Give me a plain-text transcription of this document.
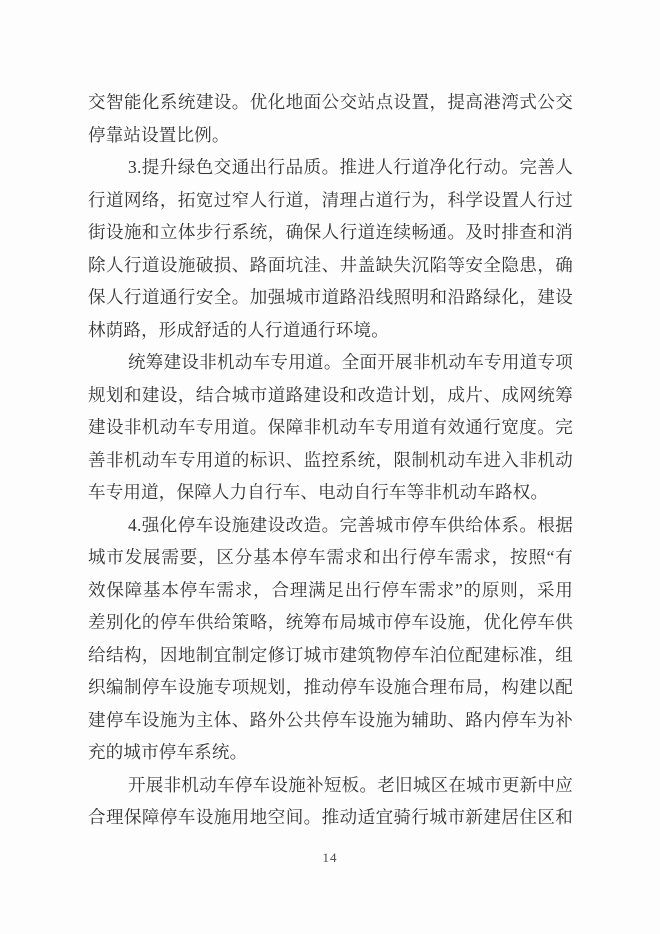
交智能化系统建设。优化地面公交站点设置，提高港湾式公交
停靠站设置比例。
3.提升绿色交通出行品质。推进人行道净化行动。完善人
行道网络，拓宽过窄人行道，清理占道行为，科学设置人行过
街设施和立体步行系统，确保人行道连续畅通。及时排查和消
除人行道设施破损、路面坑洼、井盖缺失沉陷等安全隐患，确
保人行道通行安全。加强城市道路沿线照明和沿路绿化，建设
林荫路，形成舒适的人行道通行环境。
统筹建设非机动车专用道。全面开展非机动车专用道专项
规划和建设，结合城市道路建设和改造计划，成片、成网统筹
建设非机动车专用道。保障非机动车专用道有效通行宽度。完
善非机动车专用道的标识、监控系统，限制机动车进入非机动
车专用道，保障人力自行车、电动自行车等非机动车路权。
4.强化停车设施建设改造。完善城市停车供给体系。根据
城市发展需要，区分基本停车需求和出行停车需求，按照“有
效保障基本停车需求，合理满足出行停车需求”的原则，采用
差别化的停车供给策略，统筹布局城市停车设施，优化停车供
给结构，因地制宜制定修订城市建筑物停车泊位配建标准，组
织编制停车设施专项规划，推动停车设施合理布局，构建以配
建停车设施为主体、路外公共停车设施为辅助、路内停车为补
充的城市停车系统。
开展非机动车停车设施补短板。老旧城区在城市更新中应
合理保障停车设施用地空间。推动适宜骑行城市新建居住区和
14
